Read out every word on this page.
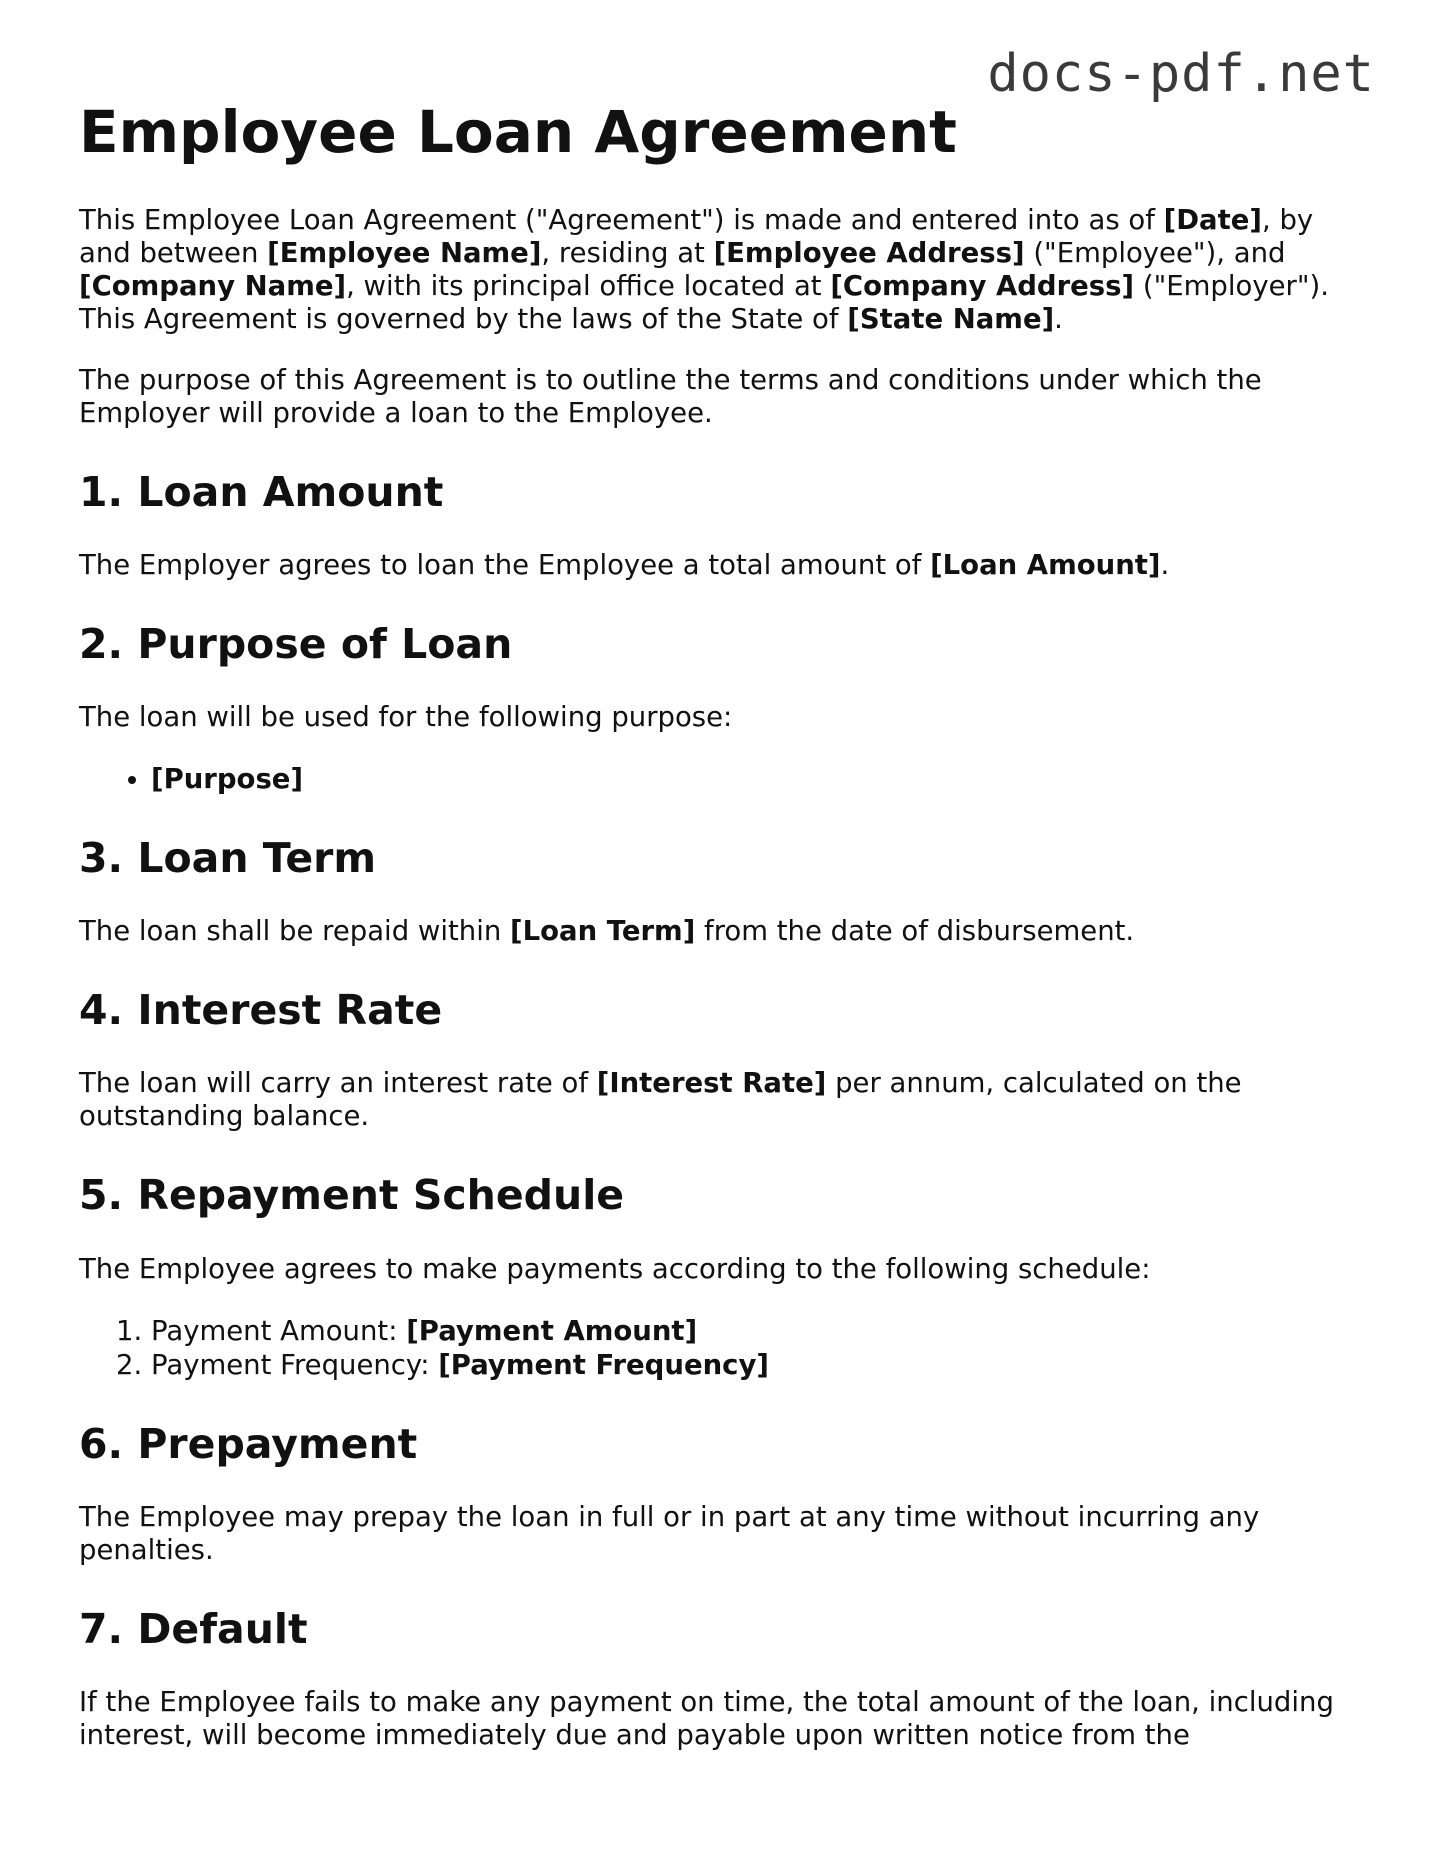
docs-pdf.net
Employee Loan Agreement

This Employee Loan Agreement ("Agreement") is made and entered into as of [Date], by and between [Employee Name], residing at [Employee Address] ("Employee"), and [Company Name], with its principal office located at [Company Address] ("Employer"). This Agreement is governed by the laws of the State of [State Name].

The purpose of this Agreement is to outline the terms and conditions under which the Employer will provide a loan to the Employee.

1. Loan Amount

The Employer agrees to loan the Employee a total amount of [Loan Amount].

2. Purpose of Loan

The loan will be used for the following purpose:

• [Purpose]
3. Loan Term

The loan shall be repaid within [Loan Term] from the date of disbursement.

4. Interest Rate

The loan will carry an interest rate of [Interest Rate] per annum, calculated on the outstanding balance.

5. Repayment Schedule

The Employee agrees to make payments according to the following schedule:

1. Payment Amount: [Payment Amount]
2. Payment Frequency: [Payment Frequency]
6. Prepayment

The Employee may prepay the loan in full or in part at any time without incurring any penalties.

7. Default

If the Employee fails to make any payment on time, the total amount of the loan, including interest, will become immediately due and payable upon written notice from the
